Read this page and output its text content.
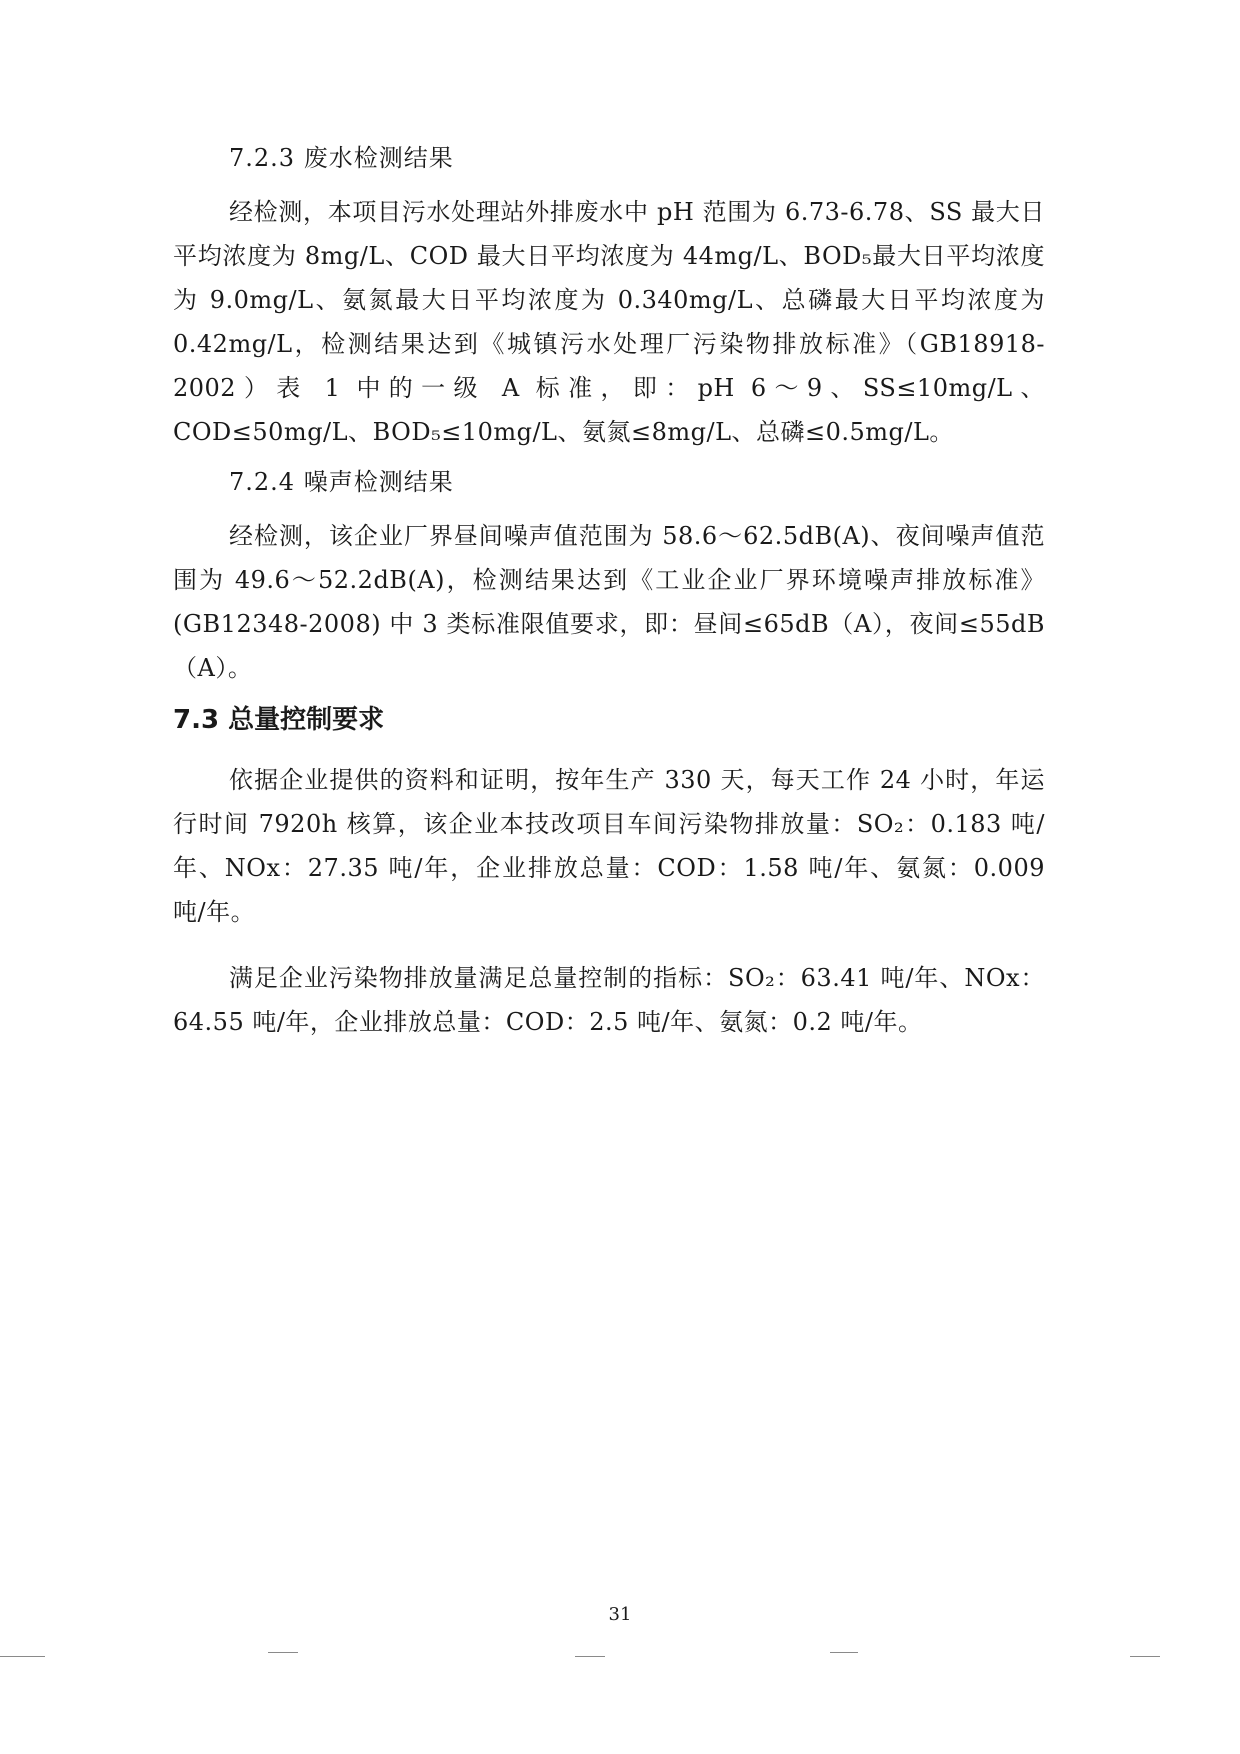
7.2.3 废水检测结果

经检测，本项目污水处理站外排废水中 pH 范围为 6.73-6.78、SS 最大日平均浓度为 8mg/L、COD 最大日平均浓度为 44mg/L、BOD₅最大日平均浓度为 9.0mg/L、氨氮最大日平均浓度为 0.340mg/L、总磷最大日平均浓度为 0.42mg/L，检测结果达到《城镇污水处理厂污染物排放标准》（GB18918-2002）表 1 中的一级 A 标准，即：pH 6～9、SS≤10mg/L、COD≤50mg/L、BOD₅≤10mg/L、氨氮≤8mg/L、总磷≤0.5mg/L。

7.2.4 噪声检测结果

经检测，该企业厂界昼间噪声值范围为 58.6～62.5dB(A)、夜间噪声值范围为 49.6～52.2dB(A)，检测结果达到《工业企业厂界环境噪声排放标准》(GB12348-2008) 中 3 类标准限值要求，即：昼间≤65dB（A），夜间≤55dB（A）。

7.3 总量控制要求

依据企业提供的资料和证明，按年生产 330 天，每天工作 24 小时，年运行时间 7920h 核算，该企业本技改项目车间污染物排放量：SO₂：0.183 吨/年、NOx：27.35 吨/年，企业排放总量：COD：1.58 吨/年、氨氮：0.009 吨/年。

满足企业污染物排放量满足总量控制的指标：SO₂：63.41 吨/年、NOx：64.55 吨/年，企业排放总量：COD：2.5 吨/年、氨氮：0.2 吨/年。

31
